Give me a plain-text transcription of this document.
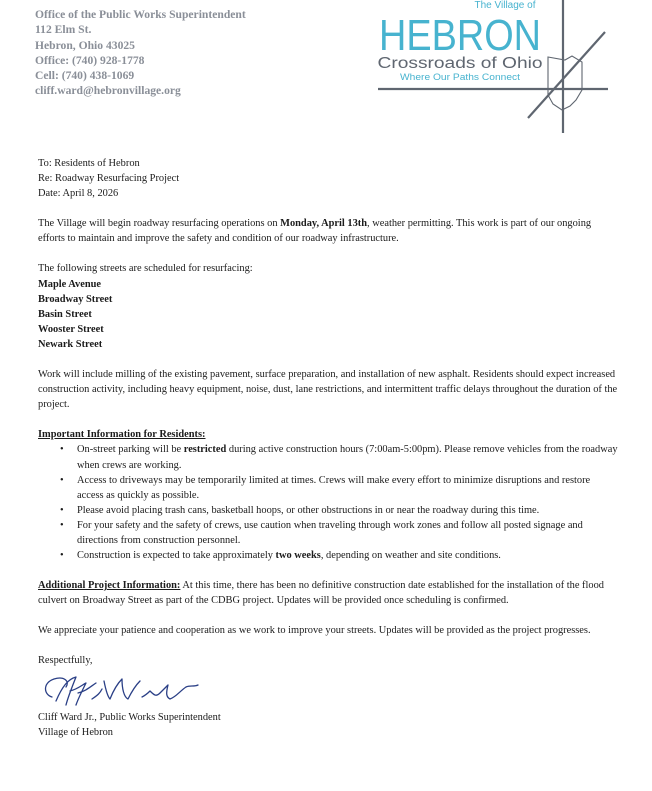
Office of the Public Works Superintendent
112 Elm St.
Hebron, Ohio 43025
Office: (740) 928-1778
Cell: (740) 438-1069
cliff.ward@hebronvillage.org
The Village of
HEBRON
Crossroads of Ohio
Where Our Paths Connect
To: Residents of Hebron
Re: Roadway Resurfacing Project
Date: April 8, 2026

The Village will begin roadway resurfacing operations on Monday, April 13th, weather permitting. This work is part of our ongoing efforts to maintain and improve the safety and condition of our roadway infrastructure.

The following streets are scheduled for resurfacing:
Maple Avenue
Broadway Street
Basin Street
Wooster Street
Newark Street

Work will include milling of the existing pavement, surface preparation, and installation of new asphalt. Residents should expect increased construction activity, including heavy equipment, noise, dust, lane restrictions, and intermittent traffic delays throughout the duration of the project.

Important Information for Residents:
• On-street parking will be restricted during active construction hours (7:00am-5:00pm). Please remove vehicles from the roadway when crews are working.
• Access to driveways may be temporarily limited at times. Crews will make every effort to minimize disruptions and restore access as quickly as possible.
• Please avoid placing trash cans, basketball hoops, or other obstructions in or near the roadway during this time.
• For your safety and the safety of crews, use caution when traveling through work zones and follow all posted signage and directions from construction personnel.
• Construction is expected to take approximately two weeks, depending on weather and site conditions.

Additional Project Information: At this time, there has been no definitive construction date established for the installation of the flood culvert on Broadway Street as part of the CDBG project. Updates will be provided once scheduling is confirmed.

We appreciate your patience and cooperation as we work to improve your streets. Updates will be provided as the project progresses.

Respectfully,
Cliff Ward Jr., Public Works Superintendent
Village of Hebron
